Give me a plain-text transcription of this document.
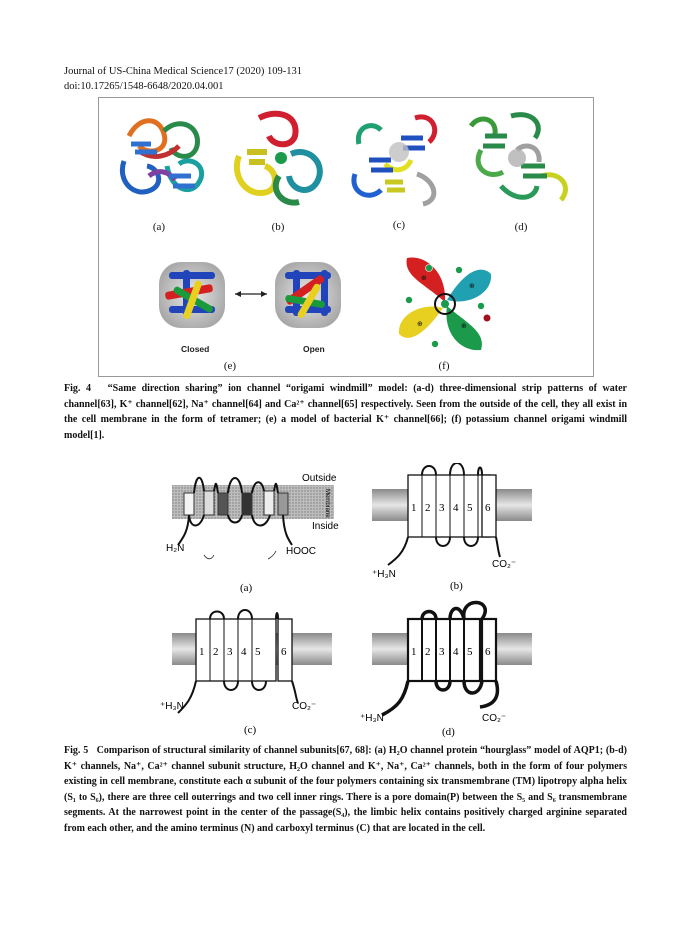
Journal of US-China Medical Science17 (2020) 109-131
doi:10.17265/1548-6648/2020.04.001
(a)	(b)	(c)	(d)
Closed	Open
(e)
⊕
⊕
⊕
⊕
(f)
Fig. 4   “Same direction sharing” ion channel “origami windmill” model: (a-d) three-dimensional strip patterns of water channel[63], K⁺ channel[62], Na⁺ channel[64] and Ca²⁺ channel[65] respectively. Seen from the outside of the cell, they all exist in the cell membrane in the form of tetramer; (e) a model of bacterial K⁺ channel[66]; (f) potassium channel origami windmill model[1].
Outside
Inside
Membrane
H₂N	HOOC
(a)
1 2 3 4 5 6
⁺H₃N
CO₂⁻
(b)
1 2 3 4 5 6
⁺H₃N	CO₂⁻
(c)
1 2 3 4 5 6
⁺H₃N	CO₂⁻
(d)
Fig. 5   Comparison of structural similarity of channel subunits[67, 68]: (a) H₂O channel protein “hourglass” model of AQP1; (b-d) K⁺ channels, Na⁺, Ca²⁺ channel subunit structure, H₂O channel and K⁺, Na⁺, Ca²⁺ channels, both in the form of four polymers existing in cell membrane, constitute each α subunit of the four polymers containing six transmembrane (TM) lipotropy alpha helix (S₁ to S₆), there are three cell outerrings and two cell inner rings. There is a pore domain(P) between the S₅ and S₆ transmembrane segments. At the narrowest point in the center of the passage(S₄), the limbic helix contains positively charged arginine separated from each other, and the amino terminus (N) and carboxyl terminus (C) that are located in the cell.
